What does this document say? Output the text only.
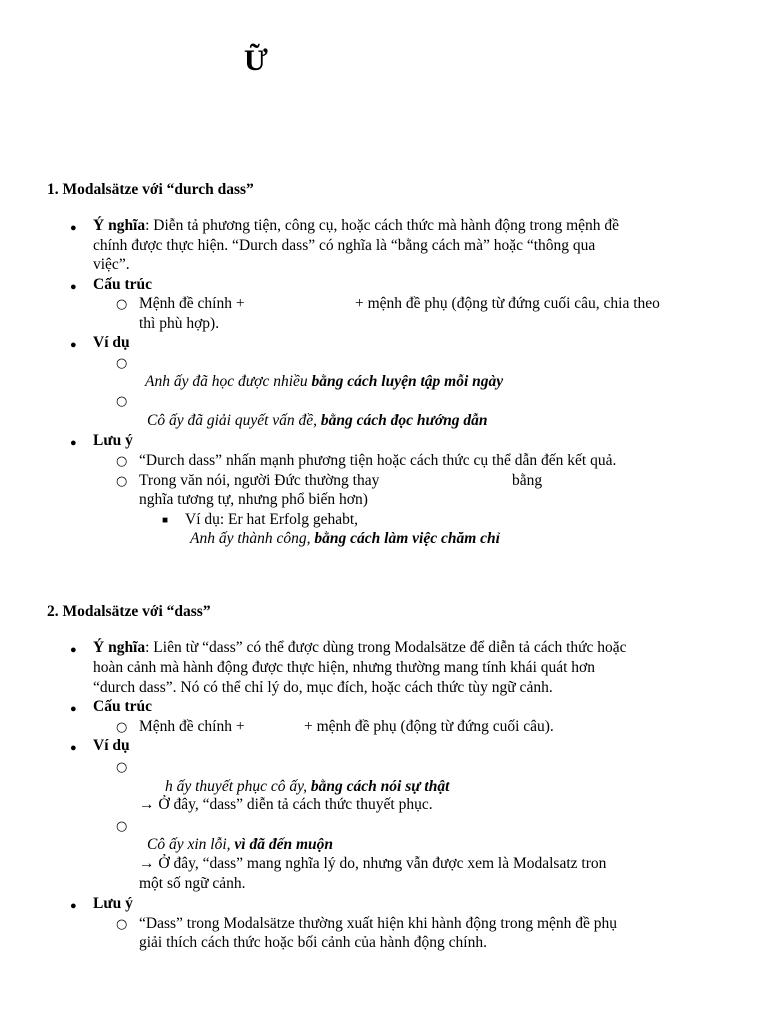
Ữ
1. Modalsätze với “durch dass”
● Ý nghĩa: Diễn tả phương tiện, công cụ, hoặc cách thức mà hành động trong mệnh đề
chính được thực hiện. “Durch dass” có nghĩa là “bằng cách mà” hoặc “thông qua
việc”.
● Cấu trúc
○ Mệnh đề chính +	+ mệnh đề phụ (động từ đứng cuối câu, chia theo
thì phù hợp).
● Ví dụ
○
Anh ấy đã học được nhiều bằng cách luyện tập mỗi ngày
○
Cô ấy đã giải quyết vấn đề, bằng cách đọc hướng dẫn
● Lưu ý
○ “Durch dass” nhấn mạnh phương tiện hoặc cách thức cụ thể dẫn đến kết quả.
○ Trong văn nói, người Đức thường thay	bằng
nghĩa tương tự, nhưng phổ biến hơn)
■ Ví dụ: Er hat Erfolg gehabt,
Anh ấy thành công, bằng cách làm việc chăm chỉ
2. Modalsätze với “dass”
● Ý nghĩa: Liên từ “dass” có thể được dùng trong Modalsätze để diễn tả cách thức hoặc
hoàn cảnh mà hành động được thực hiện, nhưng thường mang tính khái quát hơn
“durch dass”. Nó có thể chỉ lý do, mục đích, hoặc cách thức tùy ngữ cảnh.
● Cấu trúc
○ Mệnh đề chính +	+ mệnh đề phụ (động từ đứng cuối câu).
● Ví dụ
○
h ấy thuyết phục cô ấy, bằng cách nói sự thật
→ Ở đây, “dass” diễn tả cách thức thuyết phục.
○
Cô ấy xin lỗi, vì đã đến muộn
→ Ở đây, “dass” mang nghĩa lý do, nhưng vẫn được xem là Modalsatz tron
một số ngữ cảnh.
● Lưu ý
○ “Dass” trong Modalsätze thường xuất hiện khi hành động trong mệnh đề phụ
giải thích cách thức hoặc bối cảnh của hành động chính.
